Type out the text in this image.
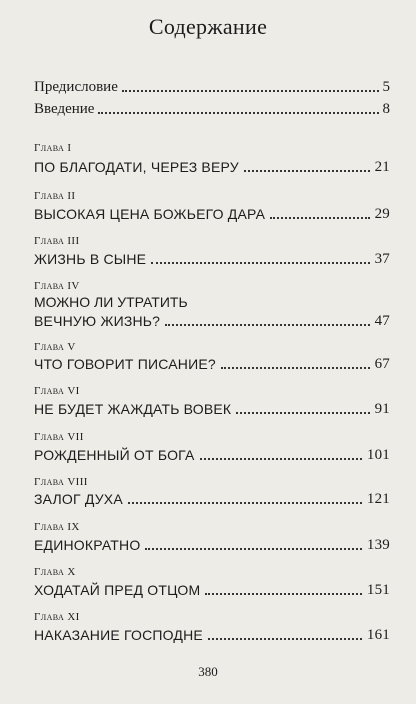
Содержание
Предисловие	5
Введение	8
Глава I
ПО БЛАГОДАТИ, ЧЕРЕЗ ВЕРУ	21
Глава II
ВЫСОКАЯ ЦЕНА БОЖЬЕГО ДАРА	29
Глава III
ЖИЗНЬ В СЫНЕ	37
Глава IV
МОЖНО ЛИ УТРАТИТЬ
ВЕЧНУЮ ЖИЗНЬ?	47
Глава V
ЧТО ГОВОРИТ ПИСАНИЕ?	67
Глава VI
НЕ БУДЕТ ЖАЖДАТЬ ВОВЕК	91
Глава VII
РОЖДЕННЫЙ ОТ БОГА	101
Глава VIII
ЗАЛОГ ДУХА	121
Глава IX
ЕДИНОКРАТНО	139
Глава X
ХОДАТАЙ ПРЕД ОТЦОМ	151
Глава XI
НАКАЗАНИЕ ГОСПОДНЕ	161
380
